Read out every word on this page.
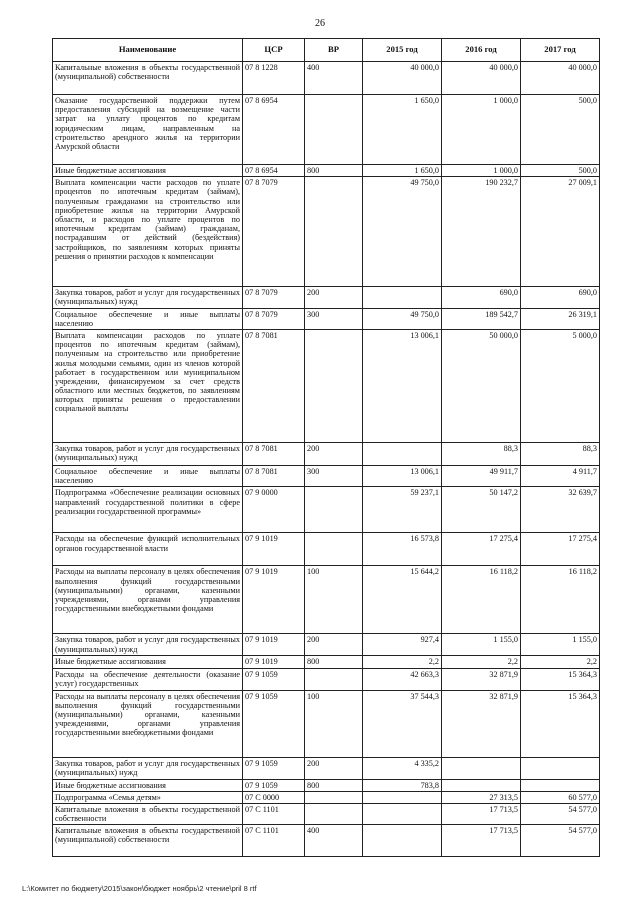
26
Наименование	ЦСР	ВР	2015 год	2016 год	2017 год
Капитальные вложения в объекты государственной (муниципальной) собственности	07 8 1228	400	40 000,0	40 000,0	40 000,0
Оказание государственной поддержки путем предоставления субсидий на возмещение части затрат на уплату процентов по кредитам юридическим лицам, направленным на строительство арендного жилья на территории Амурской области	07 8 6954		1 650,0	1 000,0	500,0
Иные бюджетные ассигнования	07 8 6954	800	1 650,0	1 000,0	500,0
Выплата компенсации части расходов по уплате процентов по ипотечным кредитам (займам), полученным гражданами на строительство или приобретение жилья на территории Амурской области, и расходов по уплате процентов по ипотечным кредитам (займам) гражданам, пострадавшим от действий (бездействия) застройщиков, по заявлениям которых приняты решения о принятии расходов к компенсации	07 8 7079		49 750,0	190 232,7	27 009,1
Закупка товаров, работ и услуг для государственных (муниципальных) нужд	07 8 7079	200		690,0	690,0
Социальное обеспечение и иные выплаты населению	07 8 7079	300	49 750,0	189 542,7	26 319,1
Выплата компенсации расходов по уплате процентов по ипотечным кредитам (займам), полученным на строительство или приобретение жилья молодыми семьями, один из членов которой работает в государственном или муниципальном учреждении, финансируемом за счет средств областного или местных бюджетов, по заявлениям которых приняты решения о предоставлении социальной выплаты	07 8 7081		13 006,1	50 000,0	5 000,0
Закупка товаров, работ и услуг для государственных (муниципальных) нужд	07 8 7081	200		88,3	88,3
Социальное обеспечение и иные выплаты населению	07 8 7081	300	13 006,1	49 911,7	4 911,7
Подпрограмма «Обеспечение реализации основных направлений государственной политики в сфере реализации государственной программы»	07 9 0000		59 237,1	50 147,2	32 639,7
Расходы на обеспечение функций исполнительных органов государственной власти	07 9 1019		16 573,8	17 275,4	17 275,4
Расходы на выплаты персоналу в целях обеспечения выполнения функций государственными (муниципальными) органами, казенными учреждениями, органами управления государственными внебюджетными фондами	07 9 1019	100	15 644,2	16 118,2	16 118,2
Закупка товаров, работ и услуг для государственных (муниципальных) нужд	07 9 1019	200	927,4	1 155,0	1 155,0
Иные бюджетные ассигнования	07 9 1019	800	2,2	2,2	2,2
Расходы на обеспечение деятельности (оказание услуг) государственных	07 9 1059		42 663,3	32 871,9	15 364,3
Расходы на выплаты персоналу в целях обеспечения выполнения функций государственными (муниципальными) органами, казенными учреждениями, органами управления государственными внебюджетными фондами	07 9 1059	100	37 544,3	32 871,9	15 364,3
Закупка товаров, работ и услуг для государственных (муниципальных) нужд	07 9 1059	200	4 335,2		
Иные бюджетные ассигнования	07 9 1059	800	783,8		
Подпрограмма «Семья детям»	07 С 0000			27 313,5	60 577,0
Капитальные вложения в объекты государственной собственности	07 С 1101			17 713,5	54 577,0
Капитальные вложения в объекты государственной (муниципальной) собственности	07 С 1101	400		17 713,5	54 577,0
L:\Комитет по бюджету\2015\закон\бюджет ноябрь\2 чтение\pril 8 rtf
